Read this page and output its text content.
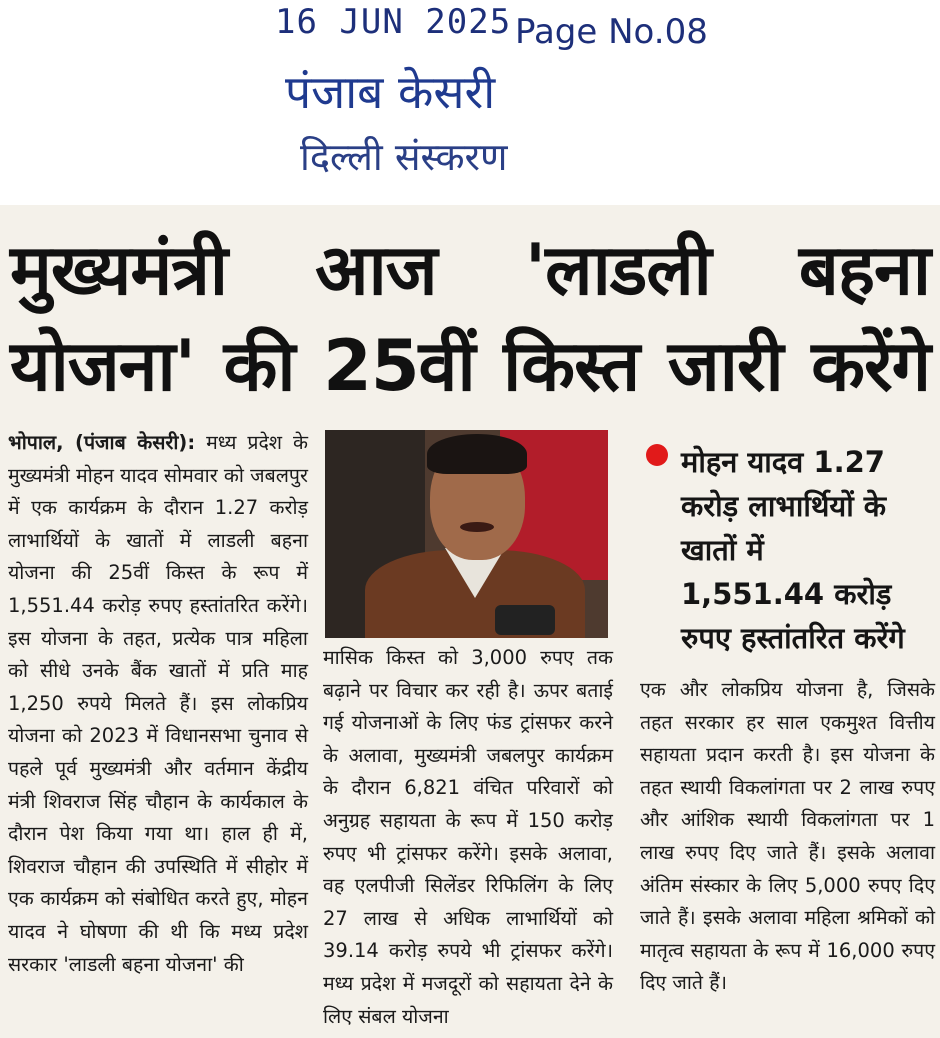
16 JUN 2025 Page No.08
पंजाब केसरी
दिल्ली संस्करण
मुख्यमंत्री आज 'लाडली बहना योजना' की 25वीं किस्त जारी करेंगे
भोपाल, (पंजाब केसरी): मध्य प्रदेश के मुख्यमंत्री मोहन यादव सोमवार को जबलपुर में एक कार्यक्रम के दौरान 1.27 करोड़ लाभार्थियों के खातों में लाडली बहना योजना की 25वीं किस्त के रूप में 1,551.44 करोड़ रुपए हस्तांतरित करेंगे। इस योजना के तहत, प्रत्येक पात्र महिला को सीधे उनके बैंक खातों में प्रति माह 1,250 रुपये मिलते हैं। इस लोकप्रिय योजना को 2023 में विधानसभा चुनाव से पहले पूर्व मुख्यमंत्री और वर्तमान केंद्रीय मंत्री शिवराज सिंह चौहान के कार्यकाल के दौरान पेश किया गया था। हाल ही में, शिवराज चौहान की उपस्थिति में सीहोर में एक कार्यक्रम को संबोधित करते हुए, मोहन यादव ने घोषणा की थी कि मध्य प्रदेश सरकार 'लाडली बहना योजना' की
मोहन यादव 1.27 करोड़ लाभार्थियों के खातों में 1,551.44 करोड़ रुपए हस्तांतरित करेंगे
मासिक किस्त को 3,000 रुपए तक बढ़ाने पर विचार कर रही है। ऊपर बताई गई योजनाओं के लिए फंड ट्रांसफर करने के अलावा, मुख्यमंत्री जबलपुर कार्यक्रम के दौरान 6,821 वंचित परिवारों को अनुग्रह सहायता के रूप में 150 करोड़ रुपए भी ट्रांसफर करेंगे। इसके अलावा, वह एलपीजी सिलेंडर रिफिलिंग के लिए 27 लाख से अधिक लाभार्थियों को 39.14 करोड़ रुपये भी ट्रांसफर करेंगे। मध्य प्रदेश में मजदूरों को सहायता देने के लिए संबल योजना
एक और लोकप्रिय योजना है, जिसके तहत सरकार हर साल एकमुश्त वित्तीय सहायता प्रदान करती है। इस योजना के तहत स्थायी विकलांगता पर 2 लाख रुपए और आंशिक स्थायी विकलांगता पर 1 लाख रुपए दिए जाते हैं। इसके अलावा अंतिम संस्कार के लिए 5,000 रुपए दिए जाते हैं। इसके अलावा महिला श्रमिकों को मातृत्व सहायता के रूप में 16,000 रुपए दिए जाते हैं।
